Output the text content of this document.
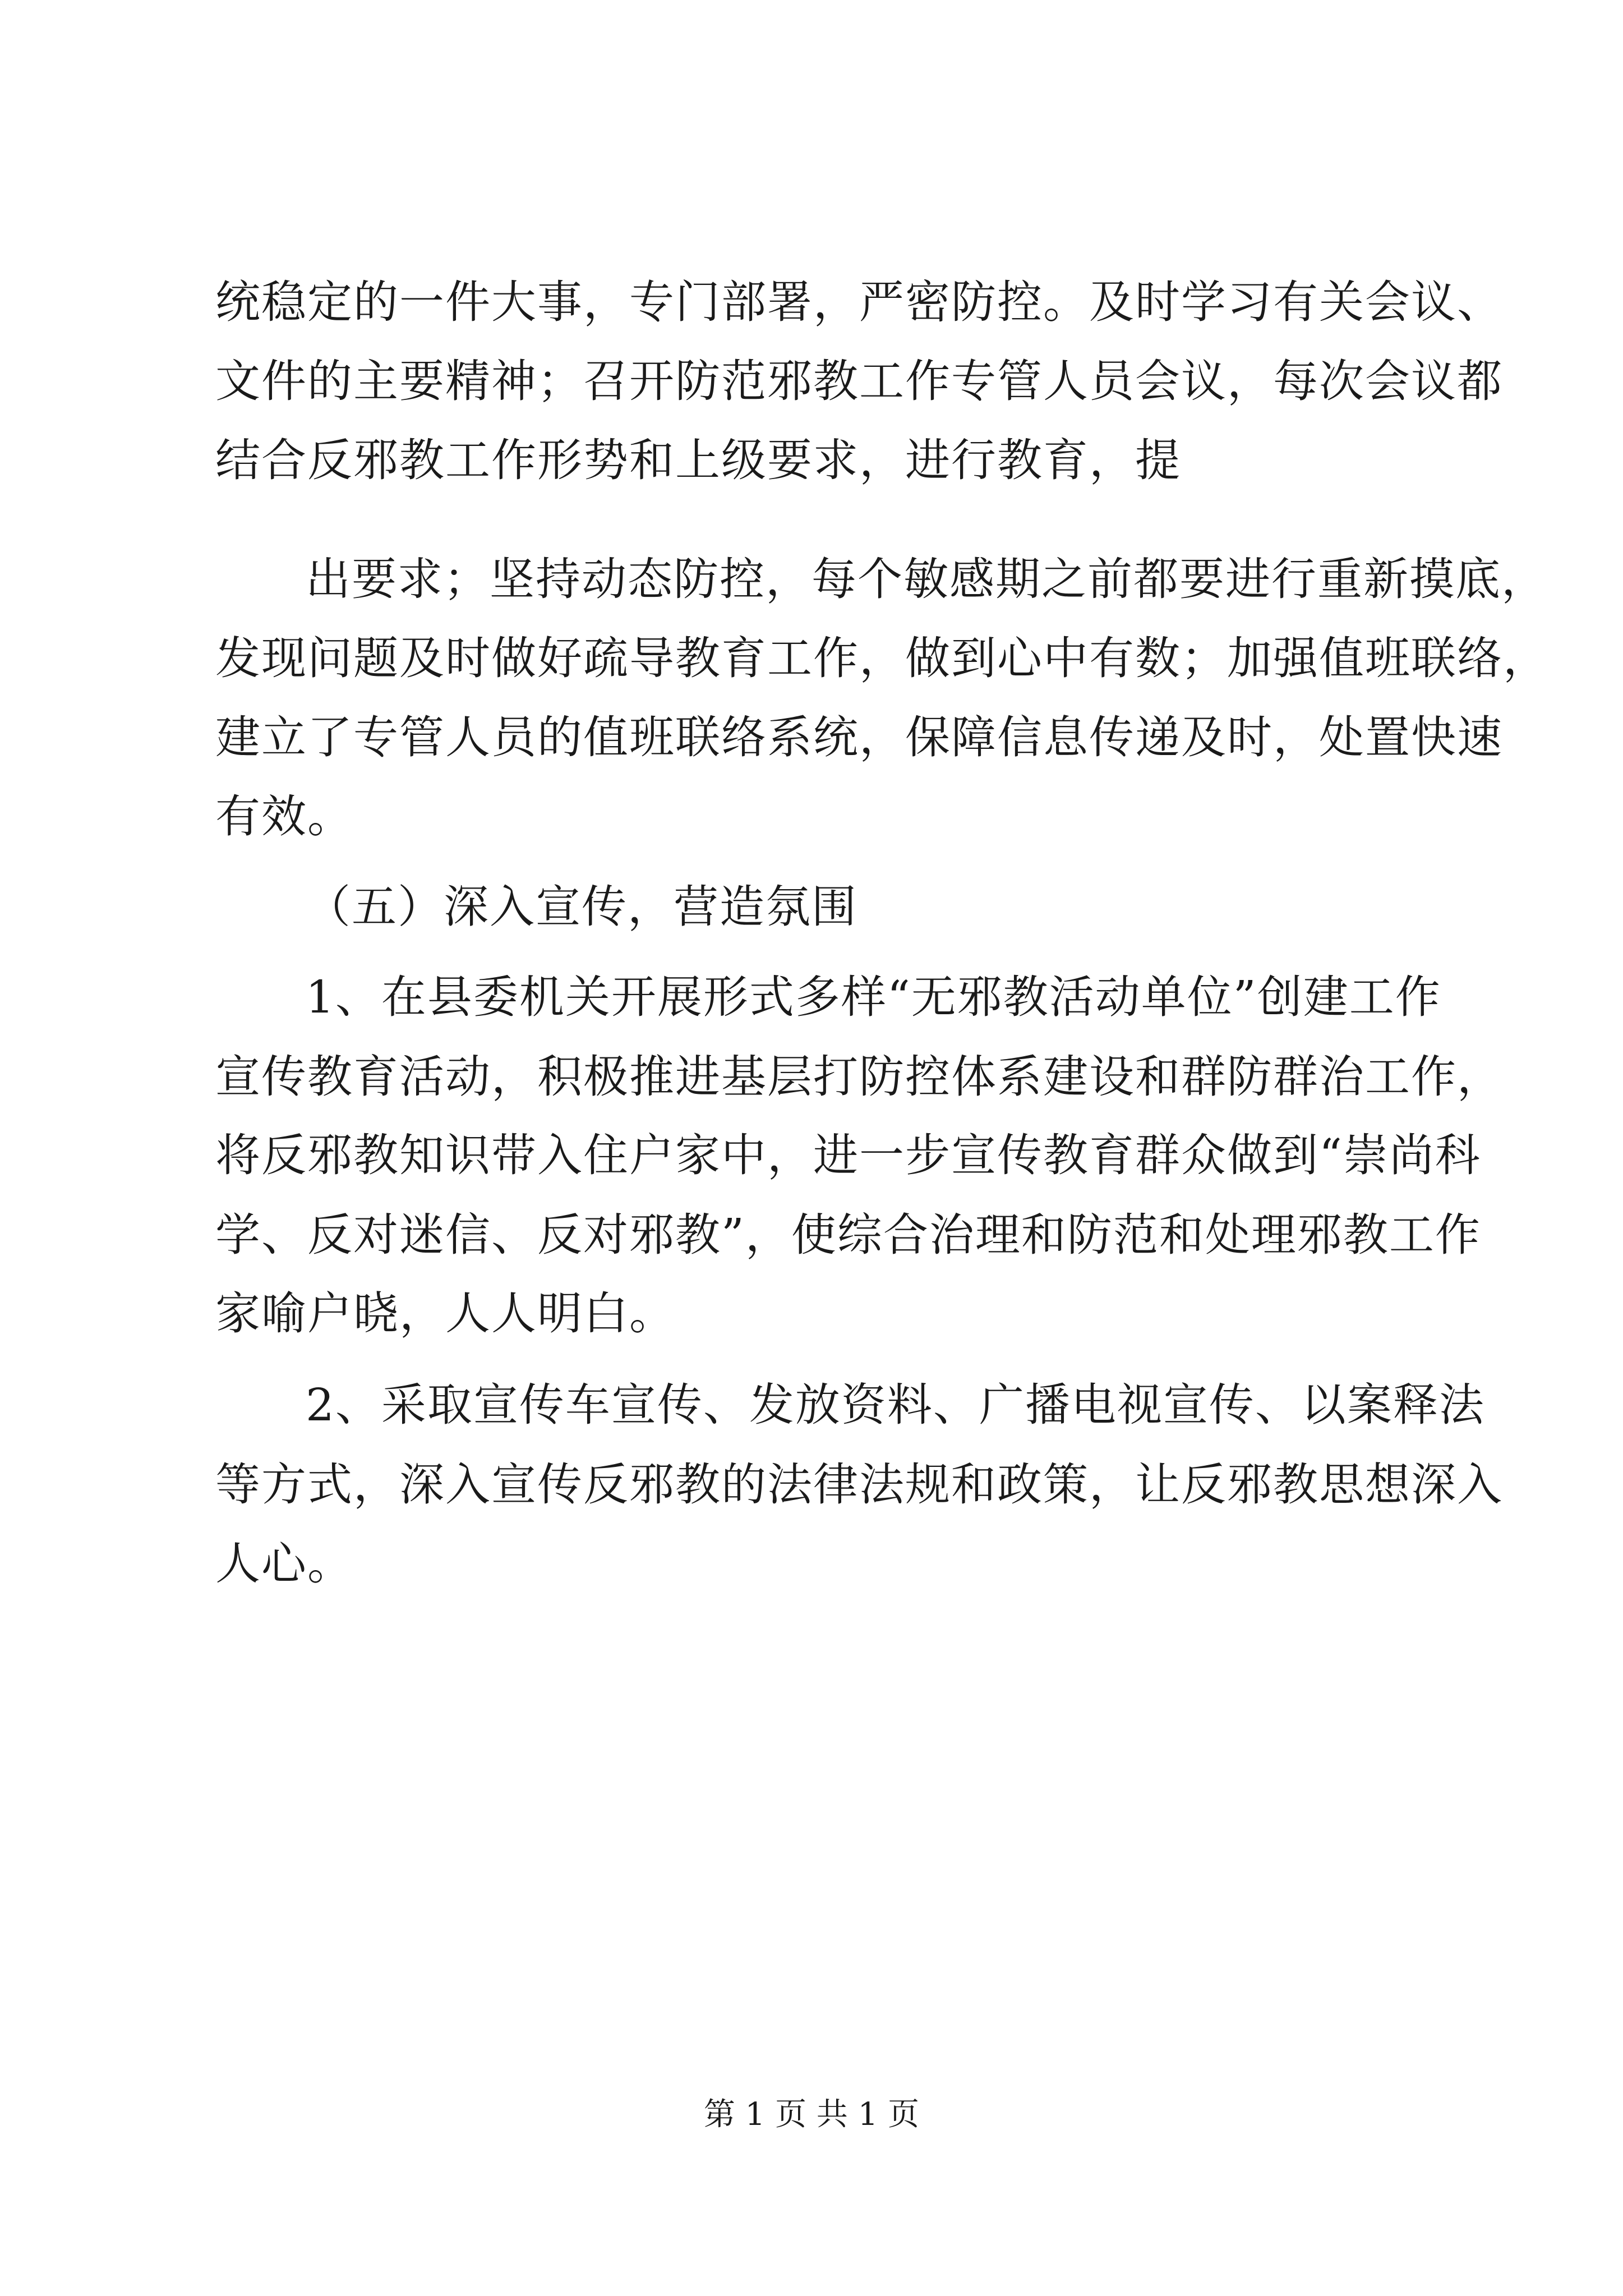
统稳定的一件大事，专门部署，严密防控。及时学习有关会议、
文件的主要精神；召开防范邪教工作专管人员会议，每次会议都
结合反邪教工作形势和上级要求，进行教育，提
出要求；坚持动态防控，每个敏感期之前都要进行重新摸底，
发现问题及时做好疏导教育工作，做到心中有数；加强值班联络，
建立了专管人员的值班联络系统，保障信息传递及时，处置快速
有效。
（五）深入宣传，营造氛围
1、在县委机关开展形式多样“无邪教活动单位”创建工作
宣传教育活动，积极推进基层打防控体系建设和群防群治工作，
将反邪教知识带入住户家中，进一步宣传教育群众做到“崇尚科
学、反对迷信、反对邪教”，使综合治理和防范和处理邪教工作
家喻户晓，人人明白。
2、采取宣传车宣传、发放资料、广播电视宣传、以案释法
等方式，深入宣传反邪教的法律法规和政策，让反邪教思想深入
人心。
第 1 页 共 1 页
